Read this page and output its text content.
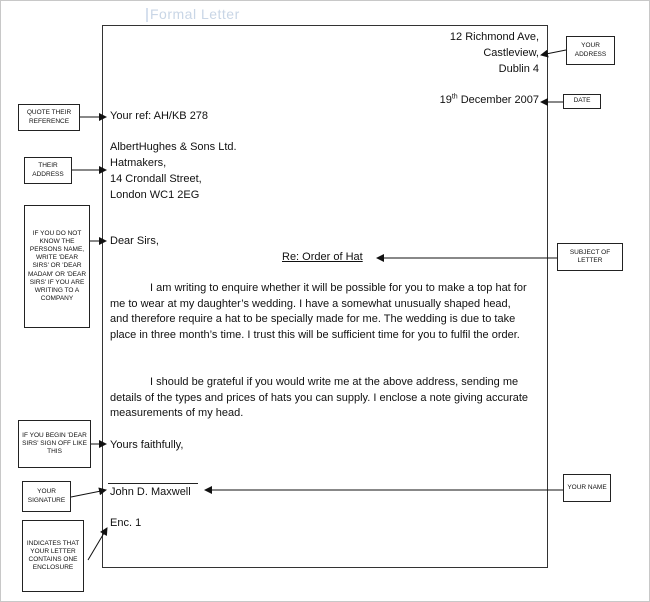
Formal Letter
12 Richmond Ave,
Castleview,
Dublin 4
19th December 2007
Your ref: AH/KB 278
AlbertHughes & Sons Ltd.
Hatmakers,
14 Crondall Street,
London WC1 2EG
Dear Sirs,
Re: Order of Hat
I am writing to enquire whether it will be possible for you to make a top hat for me to wear at my daughter’s wedding. I have a somewhat unusually shaped head, and therefore require a hat to be specially made for me. The wedding is due to take place in three month’s time. I trust this will be sufficient time for you to fulfil the order.
I should be grateful if you would write me at the above address, sending me details of the types and prices of hats you can supply. I enclose a note giving accurate measurements of my head.
Yours faithfully,
John D. Maxwell
Enc. 1
YOUR ADDRESS
DATE
QUOTE THEIR REFERENCE
THEIR ADDRESS
IF YOU DO NOT KNOW THE PERSONS NAME, WRITE 'DEAR SIRS' OR 'DEAR MADAM' OR 'DEAR SIRS' IF YOU ARE WRITING TO A COMPANY
SUBJECT OF LETTER
IF YOU BEGIN 'DEAR SIRS' SIGN OFF LIKE THIS
YOUR SIGNATURE
YOUR NAME
INDICATES THAT YOUR LETTER CONTAINS ONE ENCLOSURE
